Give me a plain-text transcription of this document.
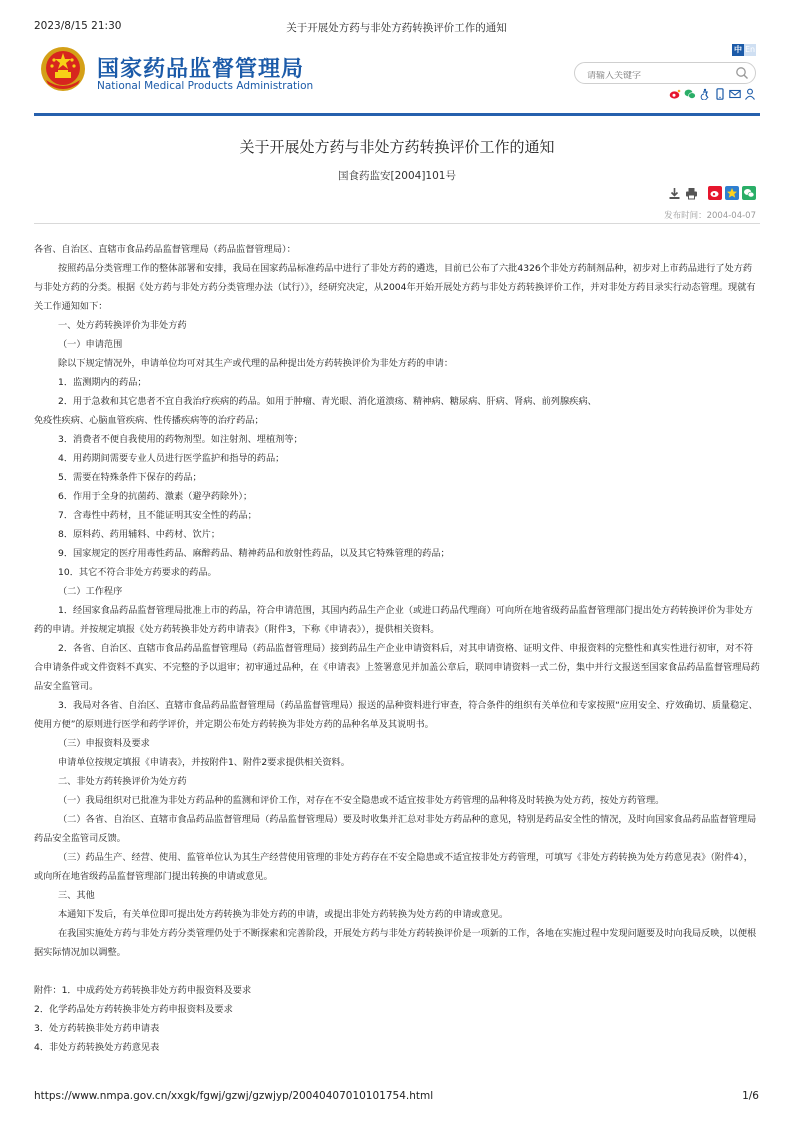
2023/8/15 21:30	关于开展处方药与非处方药转换评价工作的通知
国家药品监督管理局
National Medical Products Administration
中 En
请输入关键字
关于开展处方药与非处方药转换评价工作的通知
国食药监安[2004]101号
发布时间：2004-04-07

各省、自治区、直辖市食品药品监督管理局（药品监督管理局）：

按照药品分类管理工作的整体部署和安排，我局在国家药品标准药品中进行了非处方药的遴选，目前已公布了六批4326个非处方药制剂品种，初步对上市药品进行了处方药与非处方药的分类。根据《处方药与非处方药分类管理办法（试行）》，经研究决定，从2004年开始开展处方药与非处方药转换评价工作，并对非处方药目录实行动态管理。现就有关工作通知如下：

一、处方药转换评价为非处方药

（一）申请范围

除以下规定情况外，申请单位均可对其生产或代理的品种提出处方药转换评价为非处方药的申请：

1．监测期内的药品；

2．用于急救和其它患者不宜自我治疗疾病的药品。如用于肿瘤、青光眼、消化道溃疡、精神病、糖尿病、肝病、肾病、前列腺疾病、

免疫性疾病、心脑血管疾病、性传播疾病等的治疗药品；

3．消费者不便自我使用的药物剂型。如注射剂、埋植剂等；

4．用药期间需要专业人员进行医学监护和指导的药品；

5．需要在特殊条件下保存的药品；

6．作用于全身的抗菌药、激素（避孕药除外）；

7．含毒性中药材，且不能证明其安全性的药品；

8．原料药、药用辅料、中药材、饮片；

9．国家规定的医疗用毒性药品、麻醉药品、精神药品和放射性药品，以及其它特殊管理的药品；

10．其它不符合非处方药要求的药品。

（二）工作程序

1．经国家食品药品监督管理局批准上市的药品，符合申请范围，其国内药品生产企业（或进口药品代理商）可向所在地省级药品监督管理部门提出处方药转换评价为非处方药的申请。并按规定填报《处方药转换非处方药申请表》（附件3，下称《申请表》），提供相关资料。

2．各省、自治区、直辖市食品药品监督管理局（药品监督管理局）接到药品生产企业申请资料后，对其申请资格、证明文件、申报资料的完整性和真实性进行初审，对不符合申请条件或文件资料不真实、不完整的予以退审；初审通过品种，在《申请表》上签署意见并加盖公章后，联同申请资料一式二份，集中并行文报送至国家食品药品监督管理局药品安全监管司。

3．我局对各省、自治区、直辖市食品药品监督管理局（药品监督管理局）报送的品种资料进行审查，符合条件的组织有关单位和专家按照“应用安全、疗效确切、质量稳定、使用方便”的原则进行医学和药学评价，并定期公布处方药转换为非处方药的品种名单及其说明书。

（三）申报资料及要求

申请单位按规定填报《申请表》，并按附件1、附件2要求提供相关资料。

二、非处方药转换评价为处方药

（一）我局组织对已批准为非处方药品种的监测和评价工作，对存在不安全隐患或不适宜按非处方药管理的品种将及时转换为处方药，按处方药管理。

（二）各省、自治区、直辖市食品药品监督管理局（药品监督管理局）要及时收集并汇总对非处方药品种的意见，特别是药品安全性的情况，及时向国家食品药品监督管理局药品安全监管司反馈。

（三）药品生产、经营、使用、监管单位认为其生产经营使用管理的非处方药存在不安全隐患或不适宜按非处方药管理，可填写《非处方药转换为处方药意见表》（附件4），或向所在地省级药品监督管理部门提出转换的申请或意见。

三、其他

本通知下发后，有关单位即可提出处方药转换为非处方药的申请，或提出非处方药转换为处方药的申请或意见。

在我国实施处方药与非处方药分类管理仍处于不断探索和完善阶段，开展处方药与非处方药转换评价是一项新的工作，各地在实施过程中发现问题要及时向我局反映，以便根据实际情况加以调整。

附件：1．中成药处方药转换非处方药申报资料及要求

2．化学药品处方药转换非处方药申报资料及要求

3．处方药转换非处方药申请表

4．非处方药转换处方药意见表

https://www.nmpa.gov.cn/xxgk/fgwj/gzwj/gzwjyp/20040407010101754.html	1/6
